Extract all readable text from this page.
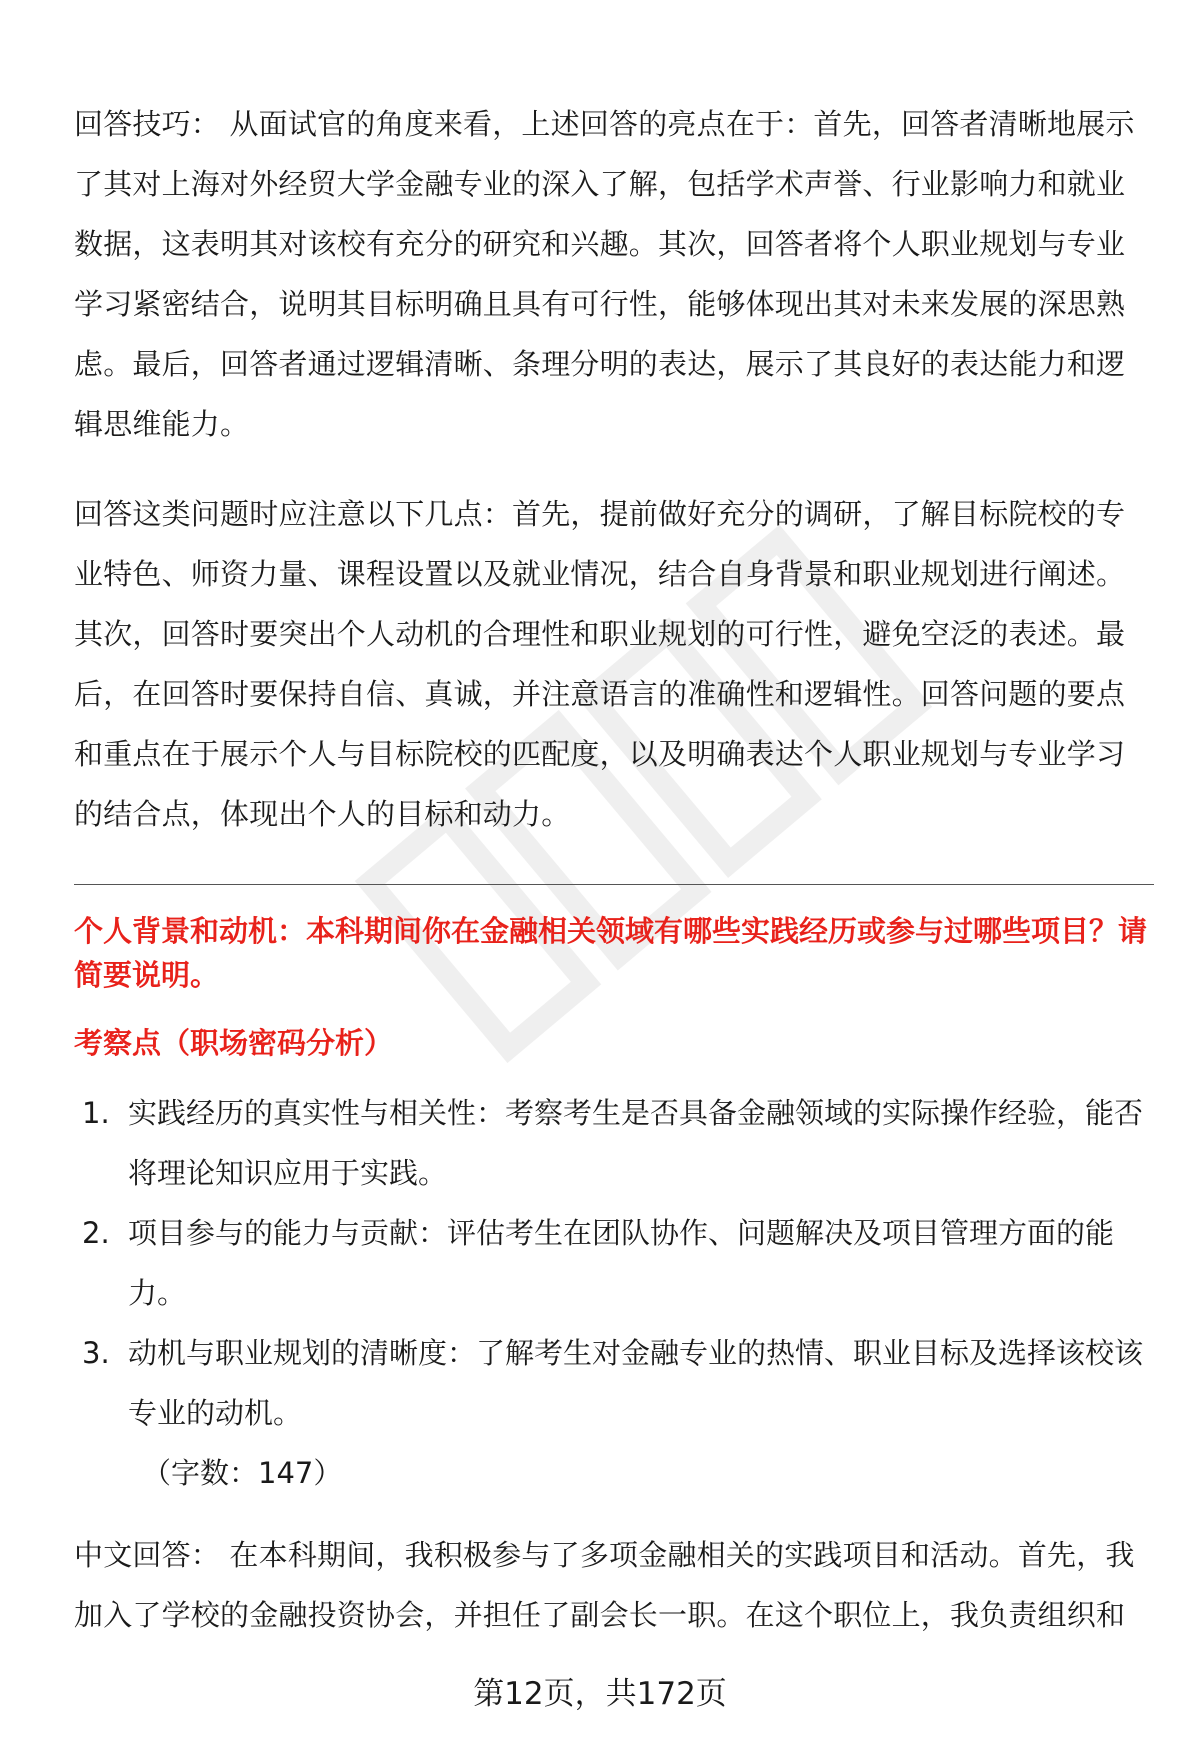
回答技巧： 从面试官的角度来看，上述回答的亮点在于：首先，回答者清晰地展示了其对上海对外经贸大学金融专业的深入了解，包括学术声誉、行业影响力和就业数据，这表明其对该校有充分的研究和兴趣。其次，回答者将个人职业规划与专业学习紧密结合，说明其目标明确且具有可行性，能够体现出其对未来发展的深思熟虑。最后，回答者通过逻辑清晰、条理分明的表达，展示了其良好的表达能力和逻辑思维能力。

回答这类问题时应注意以下几点：首先，提前做好充分的调研，了解目标院校的专业特色、师资力量、课程设置以及就业情况，结合自身背景和职业规划进行阐述。其次，回答时要突出个人动机的合理性和职业规划的可行性，避免空泛的表述。最后，在回答时要保持自信、真诚，并注意语言的准确性和逻辑性。回答问题的要点和重点在于展示个人与目标院校的匹配度，以及明确表达个人职业规划与专业学习的结合点，体现出个人的目标和动力。

个人背景和动机：本科期间你在金融相关领域有哪些实践经历或参与过哪些项目？请简要说明。

考察点（职场密码分析）

1. 实践经历的真实性与相关性：考察考生是否具备金融领域的实际操作经验，能否将理论知识应用于实践。
2. 项目参与的能力与贡献：评估考生在团队协作、问题解决及项目管理方面的能力。
3. 动机与职业规划的清晰度：了解考生对金融专业的热情、职业目标及选择该校该专业的动机。

（字数：147）

中文回答： 在本科期间，我积极参与了多项金融相关的实践项目和活动。首先，我加入了学校的金融投资协会，并担任了副会长一职。在这个职位上，我负责组织和

第12页，共172页
